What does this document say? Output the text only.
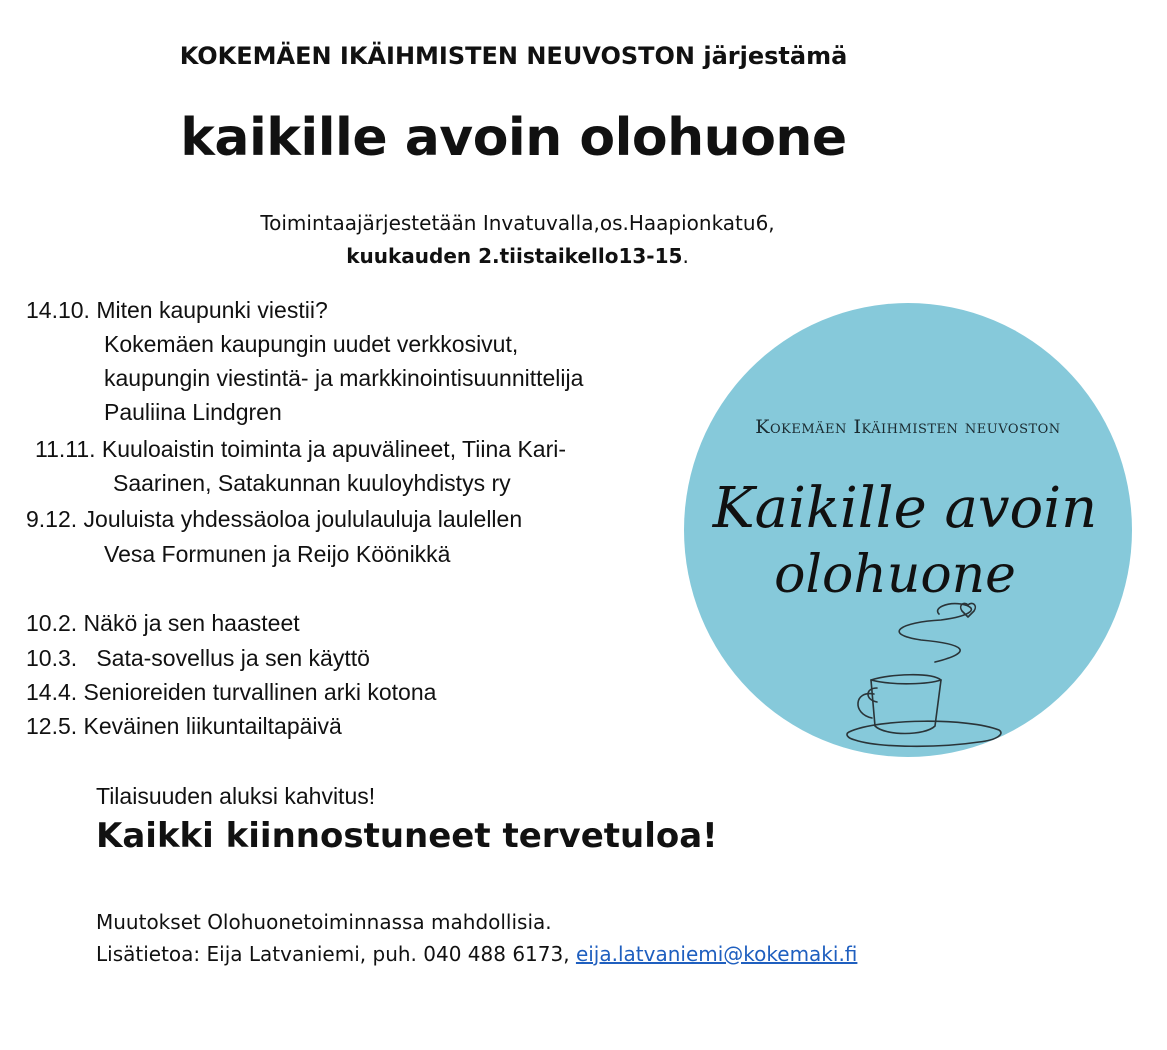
KOKEMÄEN IKÄIHMISTEN NEUVOSTON järjestämä
kaikille avoin olohuone
Toimintaajärjestetään Invatuvalla,os.Haapionkatu6,
kuukauden 2.tiistaikello13-15.
14.10. Miten kaupunki viestii?
Kokemäen kaupungin uudet verkkosivut,
kaupungin viestintä- ja markkinointisuunnittelija
Pauliina Lindgren
11.11. Kuuloaistin toiminta ja apuvälineet, Tiina Kari-
Saarinen, Satakunnan kuuloyhdistys ry
9.12. Jouluista yhdessäoloa joululauluja laulellen
Vesa Formunen ja Reijo Köönikkä
10.2. Näkö ja sen haasteet
10.3.   Sata-sovellus ja sen käyttö
14.4. Senioreiden turvallinen arki kotona
12.5. Keväinen liikuntailtapäivä
Tilaisuuden aluksi kahvitus!
Kaikki kiinnostuneet tervetuloa!
Muutokset Olohuonetoiminnassa mahdollisia.
Lisätietoa: Eija Latvaniemi, puh. 040 488 6173, eija.latvaniemi@kokemaki.fi
Kokemäen Ikäihmisten neuvoston
Kaikille avoin
olohuone
